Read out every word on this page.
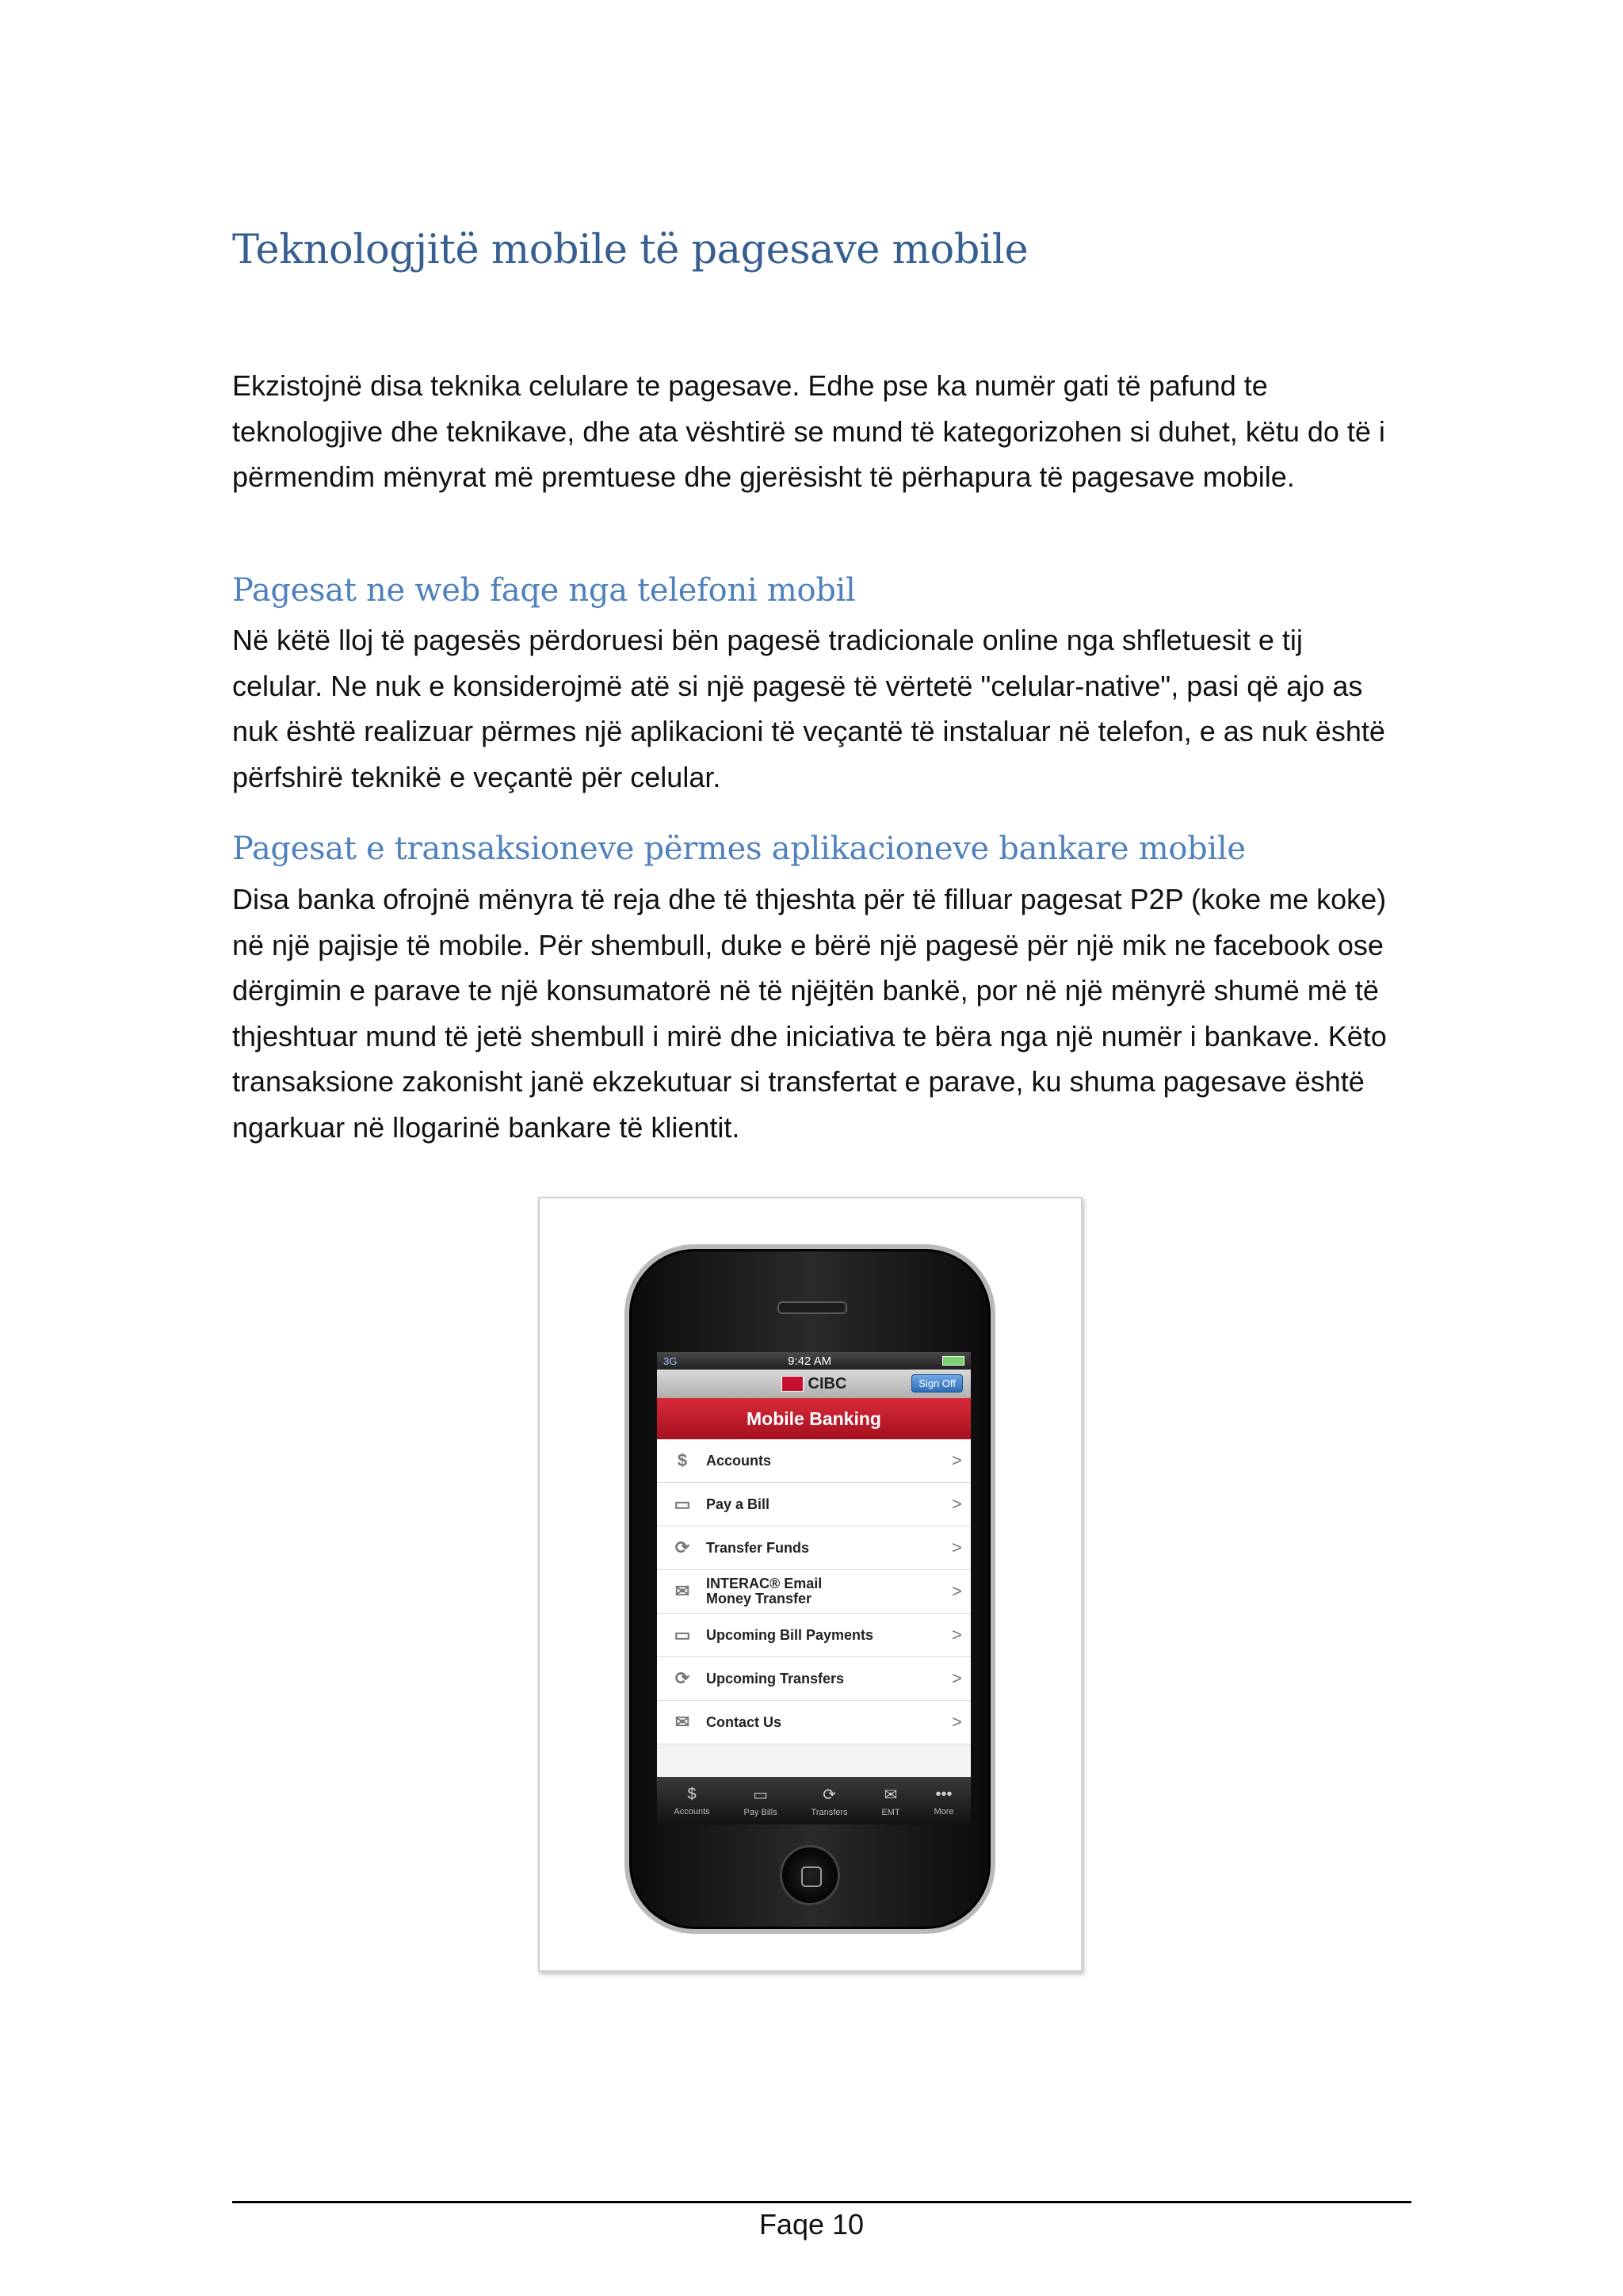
Teknologjitë mobile të pagesave mobile

Ekzistojnë disa teknika celulare te pagesave. Edhe pse ka numër gati të pafund te teknologjive dhe teknikave, dhe ata vështirë se mund të kategorizohen si duhet, këtu do të i përmendim mënyrat më premtuese dhe gjerësisht të përhapura të pagesave mobile.

Pagesat ne web faqe nga telefoni mobil

Në këtë lloj të pagesës përdoruesi bën pagesë tradicionale online nga shfletuesit e tij celular. Ne nuk e konsiderojmë atë si një pagesë të vërtetë "celular-native", pasi që ajo as nuk është realizuar përmes një aplikacioni të veçantë të instaluar në telefon, e as nuk është përfshirë teknikë e veçantë për celular.

Pagesat e transaksioneve përmes aplikacioneve bankare mobile

Disa banka ofrojnë mënyra të reja dhe të thjeshta për të filluar pagesat P2P (koke me koke) në një pajisje të mobile. Për shembull, duke e bërë një pagesë për një mik ne facebook ose dërgimin e parave te një konsumatorë në të njëjtën bankë, por në një mënyrë shumë më të thjeshtuar mund të jetë shembull i mirë dhe iniciativa te bëra nga një numër i bankave. Këto transaksione zakonisht janë ekzekutuar si transfertat e parave, ku shuma pagesave është ngarkuar në llogarinë bankare të klientit.

3G	9:42 AM
CIBC	Sign Off
Mobile Banking
$	Accounts	>
▭	Pay a Bill	>
⟳	Transfer Funds	>
✉	INTERAC® Email
Money Transfer	>
▭	Upcoming Bill Payments	>
⟳	Upcoming Transfers	>
✉	Contact Us	>
$
Accounts
▭
Pay Bills
⟳
Transfers
✉
EMT
•••
More
Faqe 10
